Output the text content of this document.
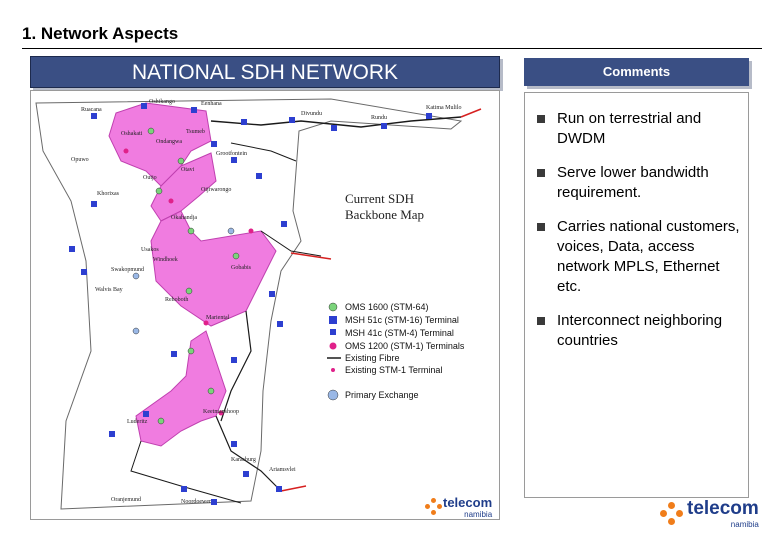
1. Network Aspects
NATIONAL SDH NETWORK	Comments
Ruacana
Oshikango	Eenhana
Rundu
Divundu
Katima Mulilo
Oshakati
Ondangwa
Tsumeb
Grootfontein
Otavi
Outjo
Khorixas
Otjiwarongo
Okahandja
Windhoek
Swakopmund
Walvis Bay
Gobabis
Rehoboth
Mariental
Keetmanshoop
Luderitz
Karasburg
Ariamsvlei
Oranjemund	Noordoewer
Usakos
Opuwo
Current SDH
Backbone Map
OMS 1600 (STM-64)
MSH 51c (STM-16) Terminal
MSH 41c (STM-4) Terminal
OMS 1200 (STM-1) Terminals
Existing Fibre
Existing STM-1 Terminal
Primary Exchange
telecom
namibia
Run on terrestrial and DWDM
Serve lower bandwidth requirement.
Carries national customers, voices, Data, access network MPLS, Ethernet etc.
Interconnect neighboring countries
telecom
namibia
